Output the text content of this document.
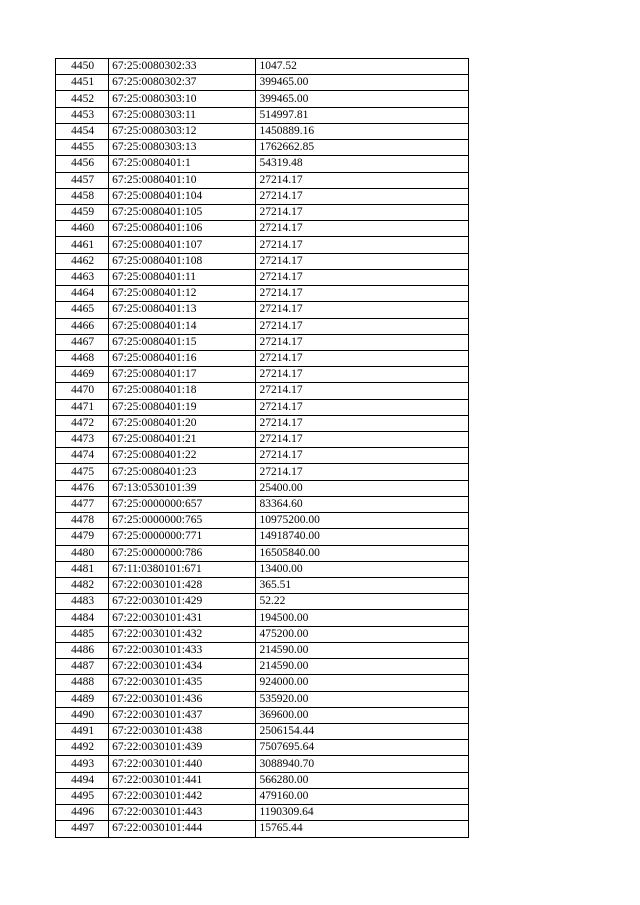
4450	67:25:0080302:33	1047.52
4451	67:25:0080302:37	399465.00
4452	67:25:0080303:10	399465.00
4453	67:25:0080303:11	514997.81
4454	67:25:0080303:12	1450889.16
4455	67:25:0080303:13	1762662.85
4456	67:25:0080401:1	54319.48
4457	67:25:0080401:10	27214.17
4458	67:25:0080401:104	27214.17
4459	67:25:0080401:105	27214.17
4460	67:25:0080401:106	27214.17
4461	67:25:0080401:107	27214.17
4462	67:25:0080401:108	27214.17
4463	67:25:0080401:11	27214.17
4464	67:25:0080401:12	27214.17
4465	67:25:0080401:13	27214.17
4466	67:25:0080401:14	27214.17
4467	67:25:0080401:15	27214.17
4468	67:25:0080401:16	27214.17
4469	67:25:0080401:17	27214.17
4470	67:25:0080401:18	27214.17
4471	67:25:0080401:19	27214.17
4472	67:25:0080401:20	27214.17
4473	67:25:0080401:21	27214.17
4474	67:25:0080401:22	27214.17
4475	67:25:0080401:23	27214.17
4476	67:13:0530101:39	25400.00
4477	67:25:0000000:657	83364.60
4478	67:25:0000000:765	10975200.00
4479	67:25:0000000:771	14918740.00
4480	67:25:0000000:786	16505840.00
4481	67:11:0380101:671	13400.00
4482	67:22:0030101:428	365.51
4483	67:22:0030101:429	52.22
4484	67:22:0030101:431	194500.00
4485	67:22:0030101:432	475200.00
4486	67:22:0030101:433	214590.00
4487	67:22:0030101:434	214590.00
4488	67:22:0030101:435	924000.00
4489	67:22:0030101:436	535920.00
4490	67:22:0030101:437	369600.00
4491	67:22:0030101:438	2506154.44
4492	67:22:0030101:439	7507695.64
4493	67:22:0030101:440	3088940.70
4494	67:22:0030101:441	566280.00
4495	67:22:0030101:442	479160.00
4496	67:22:0030101:443	1190309.64
4497	67:22:0030101:444	15765.44
